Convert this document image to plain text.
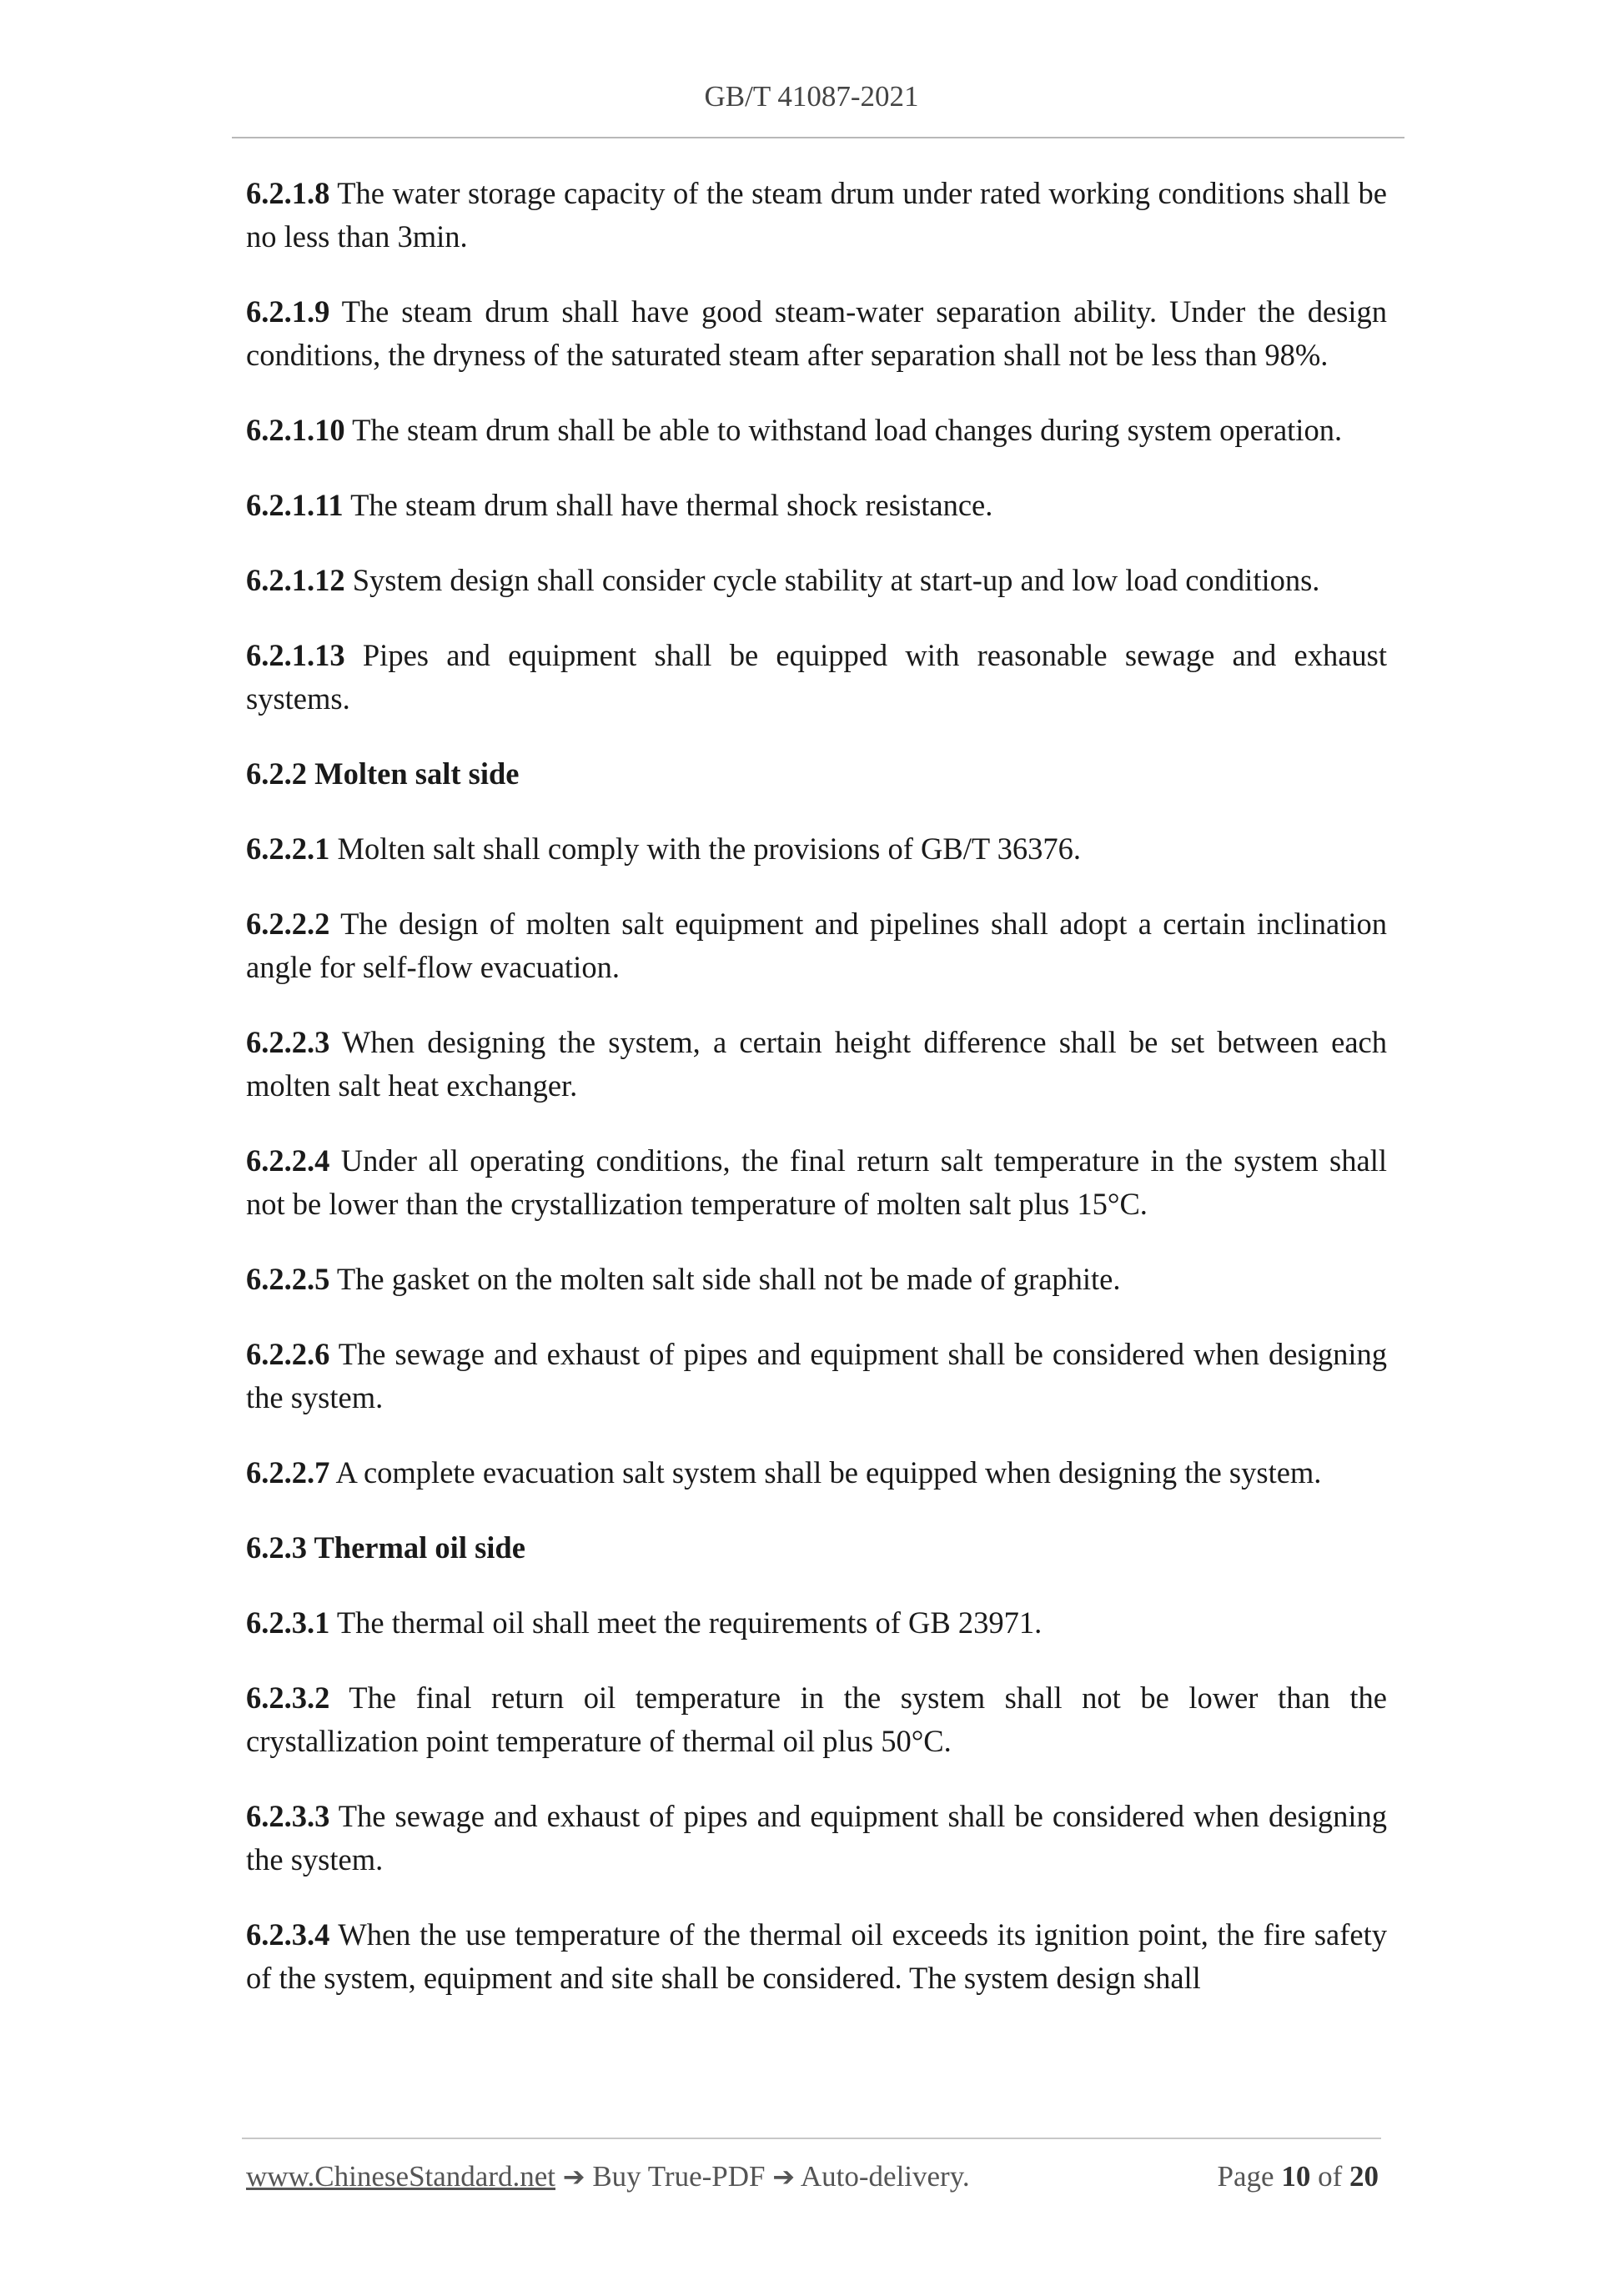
GB/T 41087-2021
6.2.1.8 The water storage capacity of the steam drum under rated working conditions shall be no less than 3min.
6.2.1.9 The steam drum shall have good steam-water separation ability. Under the design conditions, the dryness of the saturated steam after separation shall not be less than 98%.
6.2.1.10 The steam drum shall be able to withstand load changes during system operation.
6.2.1.11 The steam drum shall have thermal shock resistance.
6.2.1.12 System design shall consider cycle stability at start-up and low load conditions.
6.2.1.13 Pipes and equipment shall be equipped with reasonable sewage and exhaust systems.
6.2.2 Molten salt side
6.2.2.1 Molten salt shall comply with the provisions of GB/T 36376.
6.2.2.2 The design of molten salt equipment and pipelines shall adopt a certain inclination angle for self-flow evacuation.
6.2.2.3 When designing the system, a certain height difference shall be set between each molten salt heat exchanger.
6.2.2.4 Under all operating conditions, the final return salt temperature in the system shall not be lower than the crystallization temperature of molten salt plus 15°C.
6.2.2.5 The gasket on the molten salt side shall not be made of graphite.
6.2.2.6 The sewage and exhaust of pipes and equipment shall be considered when designing the system.
6.2.2.7 A complete evacuation salt system shall be equipped when designing the system.
6.2.3 Thermal oil side
6.2.3.1 The thermal oil shall meet the requirements of GB 23971.
6.2.3.2 The final return oil temperature in the system shall not be lower than the crystallization point temperature of thermal oil plus 50°C.
6.2.3.3 The sewage and exhaust of pipes and equipment shall be considered when designing the system.
6.2.3.4 When the use temperature of the thermal oil exceeds its ignition point, the fire safety of the system, equipment and site shall be considered. The system design shall
www.ChineseStandard.net ➔ Buy True-PDF ➔ Auto-delivery.	Page 10 of 20
